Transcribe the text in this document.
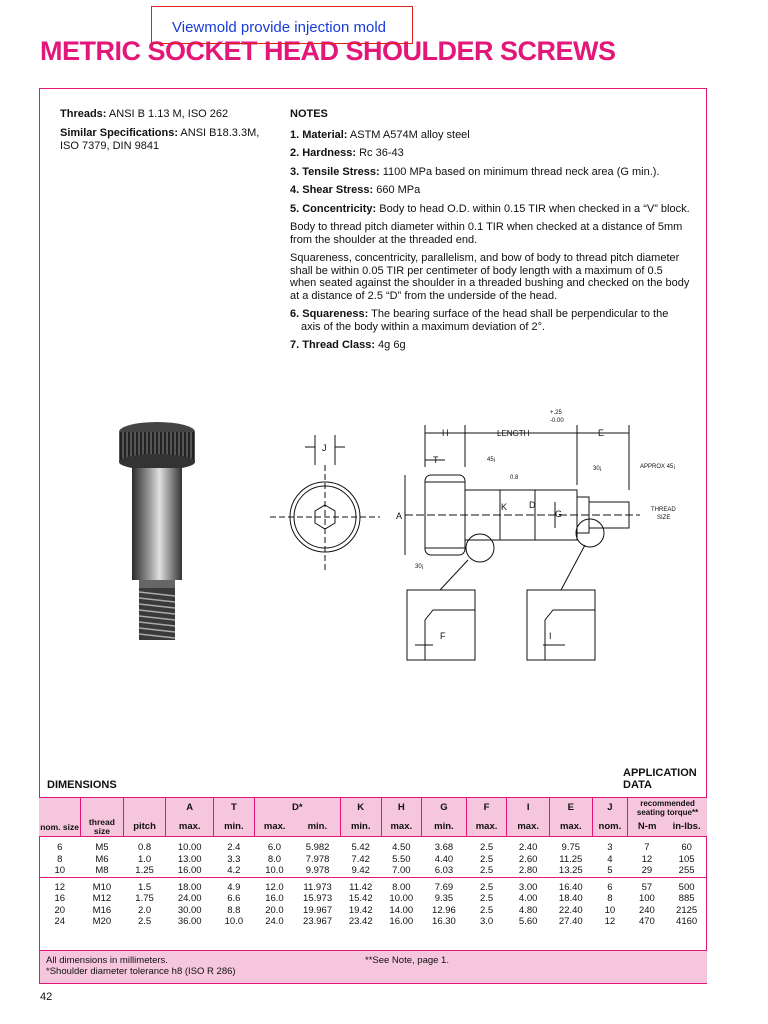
METRIC SOCKET HEAD SHOULDER SCREWS
Viewmold provide injection mold

Threads: ANSI B 1.13 M, ISO 262

Similar Specifications: ANSI B18.3.3M, ISO 7379, DIN 9841

NOTES

1. Material: ASTM A574M alloy steel

2. Hardness: Rc 36-43

3. Tensile Stress: 1100 MPa based on minimum thread neck area (G min.).

4. Shear Stress: 660 MPa

5. Concentricity: Body to head O.D. within 0.15 TIR when checked in a “V” block.

Body to thread pitch diameter within 0.1 TIR when checked at a distance of 5mm from the shoulder at the threaded end.

Squareness, concentricity, parallelism, and bow of body to thread pitch diameter shall be within 0.05 TIR per centimeter of body length with a maximum of 0.5 when seated against the shoulder in a threaded bushing and checked on the body at a distance of 2.5 “D” from the underside of the head.

6. Squareness: The bearing surface of the head shall be perpendicular to the axis of the body within a maximum deviation of 2°.

7. Thread Class: 4g 6g

J
A
H	LENGTH	E
+.25
-0.00
T
K D
G
45¡
0.8
30¡	APPROX 45¡
THREAD
SIZE
30¡
F	I
DIMENSIONS
APPLICATION
DATA
			A	T	D*		K	H	G	F	I	E	J	recommended seating torque**	
nom. size	thread size	pitch	max.	min.	max.	min.	min.	max.	min.	max.	max.	max.	nom.	N-m	in-lbs.

6	M5	0.8	10.00	2.4	6.0	5.982	5.42	4.50	3.68	2.5	2.40	9.75	3	7	60
8	M6	1.0	13.00	3.3	8.0	7.978	7.42	5.50	4.40	2.5	2.60	11.25	4	12	105
10	M8	1.25	16.00	4.2	10.0	9.978	9.42	7.00	6.03	2.5	2.80	13.25	5	29	255

12	M10	1.5	18.00	4.9	12.0	11.973	11.42	8.00	7.69	2.5	3.00	16.40	6	57	500
16	M12	1.75	24.00	6.6	16.0	15.973	15.42	10.00	9.35	2.5	4.00	18.40	8	100	885
20	M16	2.0	30.00	8.8	20.0	19.967	19.42	14.00	12.96	2.5	4.80	22.40	10	240	2125
24	M20	2.5	36.00	10.0	24.0	23.967	23.42	16.00	16.30	3.0	5.60	27.40	12	470	4160
All dimensions in millimeters.
*Shoulder diameter tolerance h8 (ISO R 286)
**See Note, page 1.
42
